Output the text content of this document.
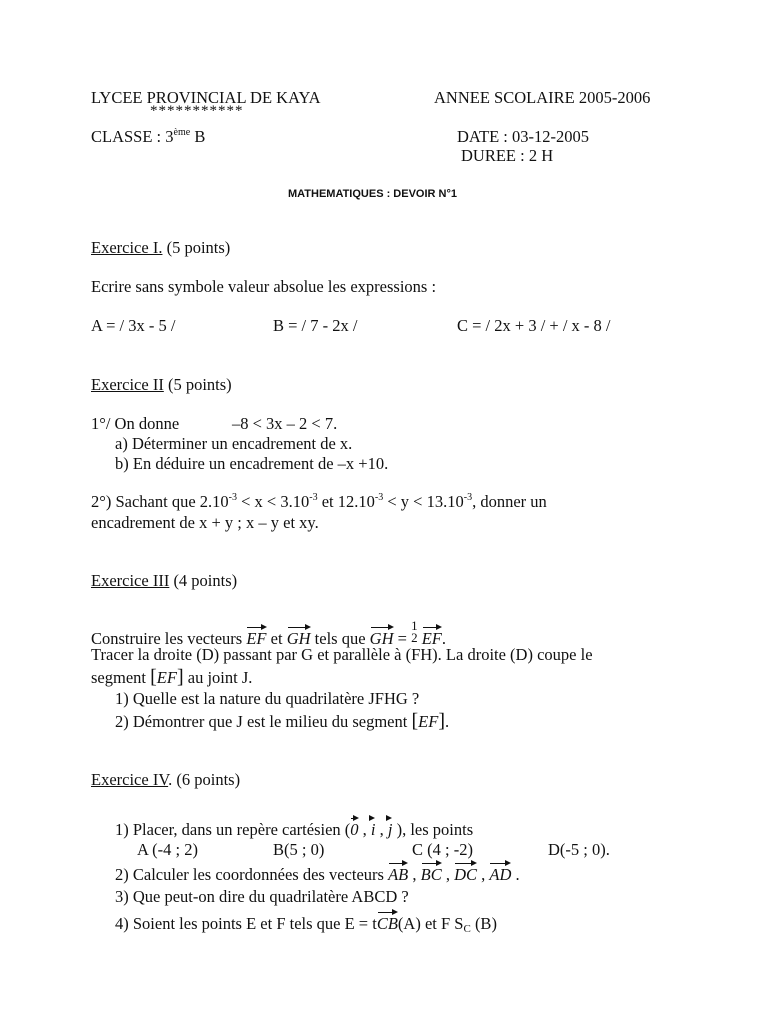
LYCEE PROVINCIAL DE KAYA
***********
ANNEE SCOLAIRE 2005-2006
CLASSE : 3ème B	DATE : 03-12-2005
DUREE : 2 H
MATHEMATIQUES : DEVOIR N°1
Exercice I. (5 points)
Ecrire sans symbole valeur absolue les expressions :
A = / 3x - 5 /	B = / 7 - 2x /	C = / 2x + 3 / + / x - 8 /
Exercice II (5 points)
1°/ On donne	–8 < 3x – 2 < 7.
a) Déterminer un encadrement de x.
b) En déduire un encadrement de –x +10.
2°) Sachant que $2.10^{-3} < x < 3.10^{-3}$ et $12.10^{-3} < y < 13.10^{-3}$, donner un
encadrement de x + y ; x – y et xy.
Exercice III (4 points)
Construire les vecteurs EF et GH tels que GH =
1
2 EF.
Tracer la droite (D) passant par G et parallèle à (FH). La droite (D) coupe le
segment [EF] au joint J.
1) Quelle est la nature du quadrilatère JFHG ?
2) Démontrer que J est le milieu du segment [EF].
Exercice IV. (6 points)
1) Placer, dans un repère cartésien (0 , i , j ), les points
A (-4 ; 2)	B(5 ; 0)	C (4 ; -2)	D(-5 ; 0).
2) Calculer les coordonnées des vecteurs AB , BC , DC , AD .
3) Que peut-on dire du quadrilatère ABCD ?
4) Soient les points E et F tels que E = tCB(A) et F $S_C$ (B)
